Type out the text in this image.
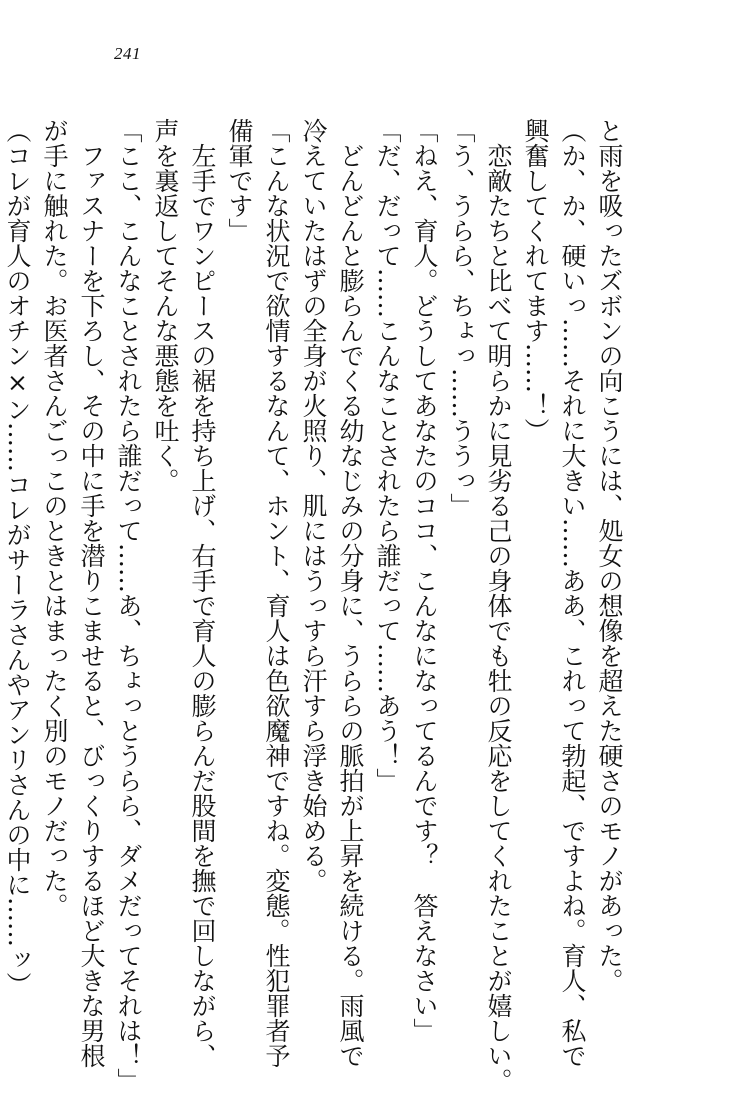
241
と雨を吸ったズボンの向こうには、処女の想像を超えた硬さのモノがあった。
（か、か、硬いっ……それに大きい……ああ、これって勃起、ですよね。育人、私で
興奮してくれてます……！）
恋敵たちと比べて明らかに見劣る己の身体でも牡の反応をしてくれたことが嬉しい。
「う、うらら、ちょっ……ううっ」
「ねえ、育人。どうしてあなたのココ、こんなになってるんです？　答えなさい」
「だ、だって……こんなことされたら誰だって……あう！」
どんどんと膨らんでくる幼なじみの分身に、うららの脈拍が上昇を続ける。雨風で
冷えていたはずの全身が火照り、肌にはうっすら汗すら浮き始める。
「こんな状況で欲情するなんて、ホント、育人は色欲魔神ですね。変態。性犯罪者予
備軍です」
左手でワンピースの裾を持ち上げ、右手で育人の膨らんだ股間を撫で回しながら、
声を裏返してそんな悪態を吐く。
「ここ、こんなことされたら誰だって……あ、ちょっとうらら、ダメだってそれは！」
ファスナーを下ろし、その中に手を潜りこませると、びっくりするほど大きな男根
が手に触れた。お医者さんごっこのときとはまったく別のモノだった。
（コレが育人のオチン×ン……コレがサーラさんやアンリさんの中に……ッ）
